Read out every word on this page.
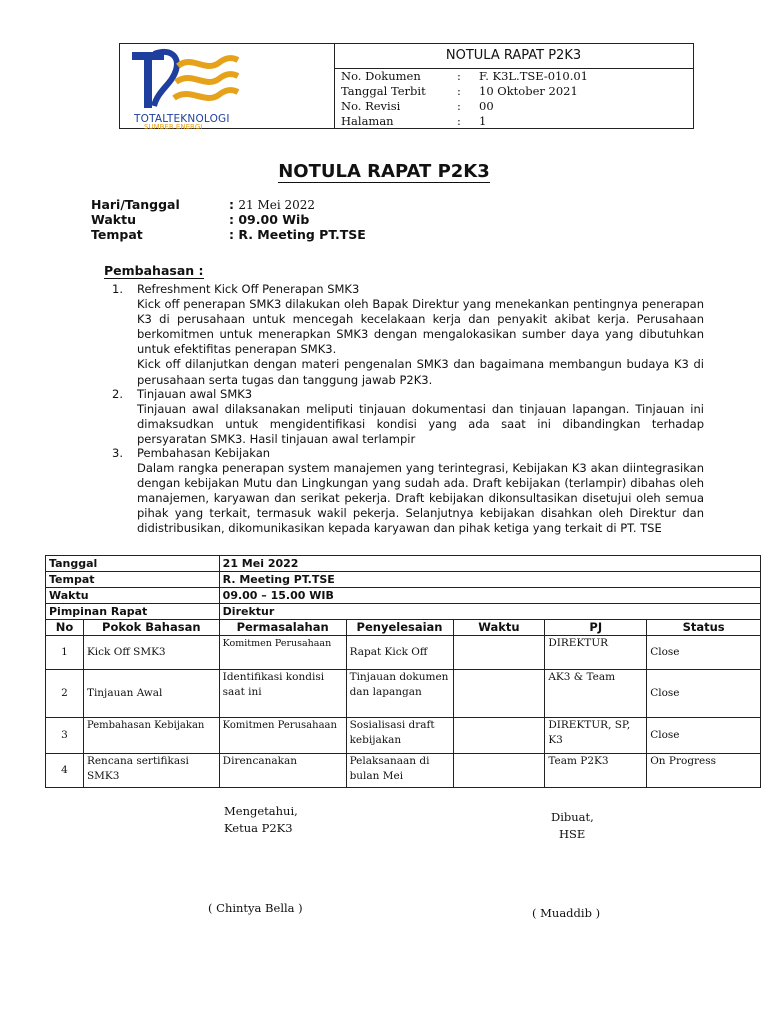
TOTALTEKNOLOGI
SUMBER ENERGI
NOTULA RAPAT P2K3
No. Dokumen	:	F. K3L.TSE-010.01
Tanggal Terbit	:	10 Oktober 2021
No. Revisi	:	00
Halaman	:	1
NOTULA RAPAT P2K3
Hari/Tanggal	: 21 Mei 2022
Waktu	: 09.00 Wib
Tempat	: R. Meeting PT.TSE
Pembahasan :
1.	Refreshment Kick Off Penerapan SMK3

Kick off penerapan SMK3 dilakukan oleh Bapak Direktur yang menekankan pentingnya penerapan K3 di perusahaan untuk mencegah kecelakaan kerja dan penyakit akibat kerja. Perusahaan berkomitmen untuk menerapkan SMK3 dengan mengalokasikan sumber daya yang dibutuhkan untuk efektifitas penerapan SMK3.

Kick off dilanjutkan dengan materi pengenalan SMK3 dan bagaimana membangun budaya K3 di perusahaan serta tugas dan tanggung jawab P2K3.

2.	Tinjauan awal SMK3

Tinjauan awal dilaksanakan meliputi tinjauan dokumentasi dan tinjauan lapangan. Tinjauan ini dimaksudkan untuk mengidentifikasi kondisi yang ada saat ini dibandingkan terhadap persyaratan SMK3. Hasil tinjauan awal terlampir

3.	Pembahasan Kebijakan

Dalam rangka penerapan system manajemen yang terintegrasi, Kebijakan K3 akan diintegrasikan dengan kebijakan Mutu dan Lingkungan yang sudah ada. Draft kebijakan (terlampir) dibahas oleh manajemen, karyawan dan serikat pekerja. Draft kebijakan dikonsultasikan disetujui oleh semua pihak yang terkait, termasuk wakil pekerja. Selanjutnya kebijakan disahkan oleh Direktur dan didistribusikan, dikomunikasikan kepada karyawan dan pihak ketiga yang terkait di PT. TSE

Tanggal		21 Mei 2022				
Tempat		R. Meeting PT.TSE				
Waktu		09.00 – 15.00 WIB				
Pimpinan Rapat		Direktur				
No	Pokok Bahasan	Permasalahan	Penyelesaian	Waktu	PJ	Status
1	Kick Off SMK3	Komitmen Perusahaan	Rapat Kick Off		DIREKTUR	Close
2	Tinjauan Awal	Identifikasi kondisi saat ini	Tinjauan dokumen dan lapangan		AK3 & Team	Close
3	Pembahasan Kebijakan	Komitmen Perusahaan	Sosialisasi draft kebijakan		DIREKTUR, SP, K3	Close
4	Rencana sertifikasi SMK3	Direncanakan	Pelaksanaan di bulan Mei		Team P2K3	On Progress
Mengetahui,
Ketua P2K3
( Chintya Bella )
Dibuat,
HSE
( Muaddib )
